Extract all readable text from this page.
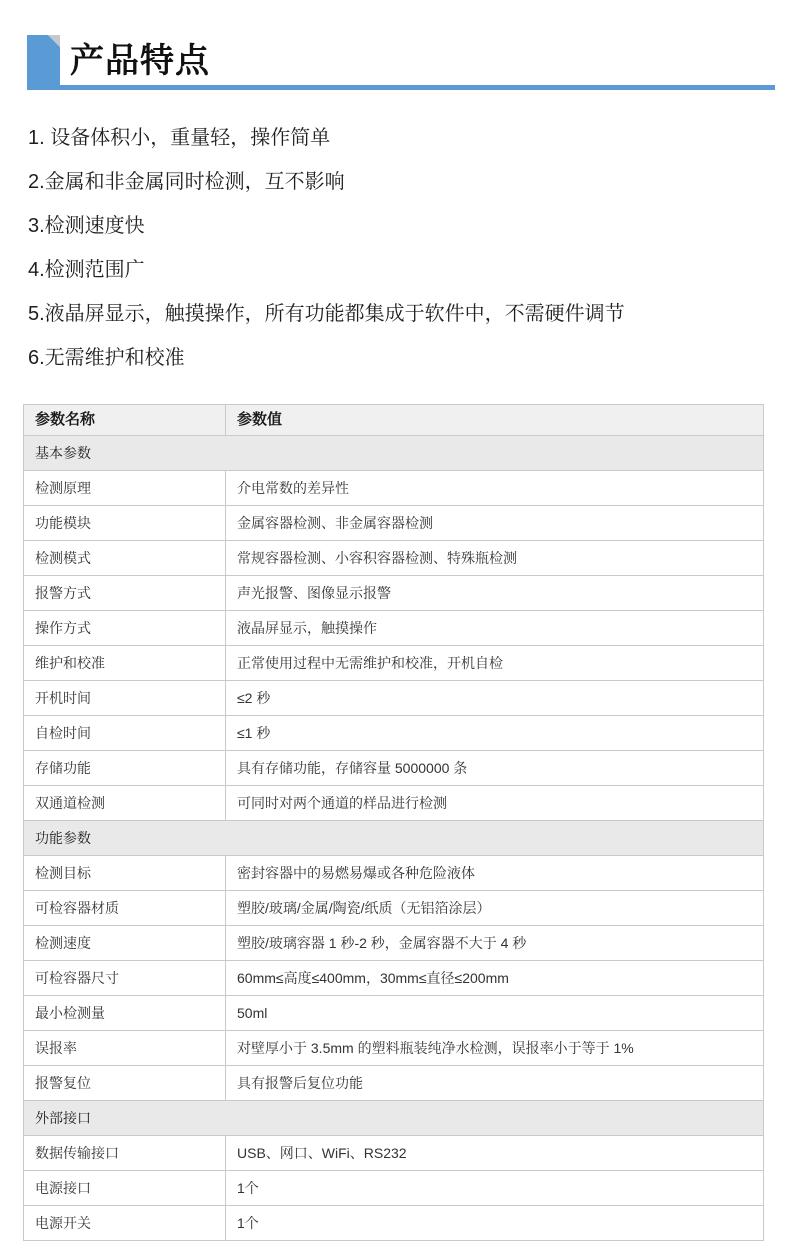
产品特点
1. 设备体积小，重量轻，操作简单
2.金属和非金属同时检测，互不影响
3.检测速度快
4.检测范围广
5.液晶屏显示，触摸操作，所有功能都集成于软件中，不需硬件调节
6.无需维护和校准
参数名称	参数值
基本参数	
检测原理	介电常数的差异性
功能模块	金属容器检测、非金属容器检测
检测模式	常规容器检测、小容积容器检测、特殊瓶检测
报警方式	声光报警、图像显示报警
操作方式	液晶屏显示，触摸操作
维护和校准	正常使用过程中无需维护和校准，开机自检
开机时间	≤2 秒
自检时间	≤1 秒
存储功能	具有存储功能，存储容量 5000000 条
双通道检测	可同时对两个通道的样品进行检测
功能参数	
检测目标	密封容器中的易燃易爆或各种危险液体
可检容器材质	塑胶/玻璃/金属/陶瓷/纸质（无铝箔涂层）
检测速度	塑胶/玻璃容器 1 秒-2 秒，金属容器不大于 4 秒
可检容器尺寸	60mm≤高度≤400mm，30mm≤直径≤200mm
最小检测量	50ml
误报率	对壁厚小于 3.5mm 的塑料瓶装纯净水检测，误报率小于等于 1%
报警复位	具有报警后复位功能
外部接口	
数据传输接口	USB、网口、WiFi、RS232
电源接口	1个
电源开关	1个
